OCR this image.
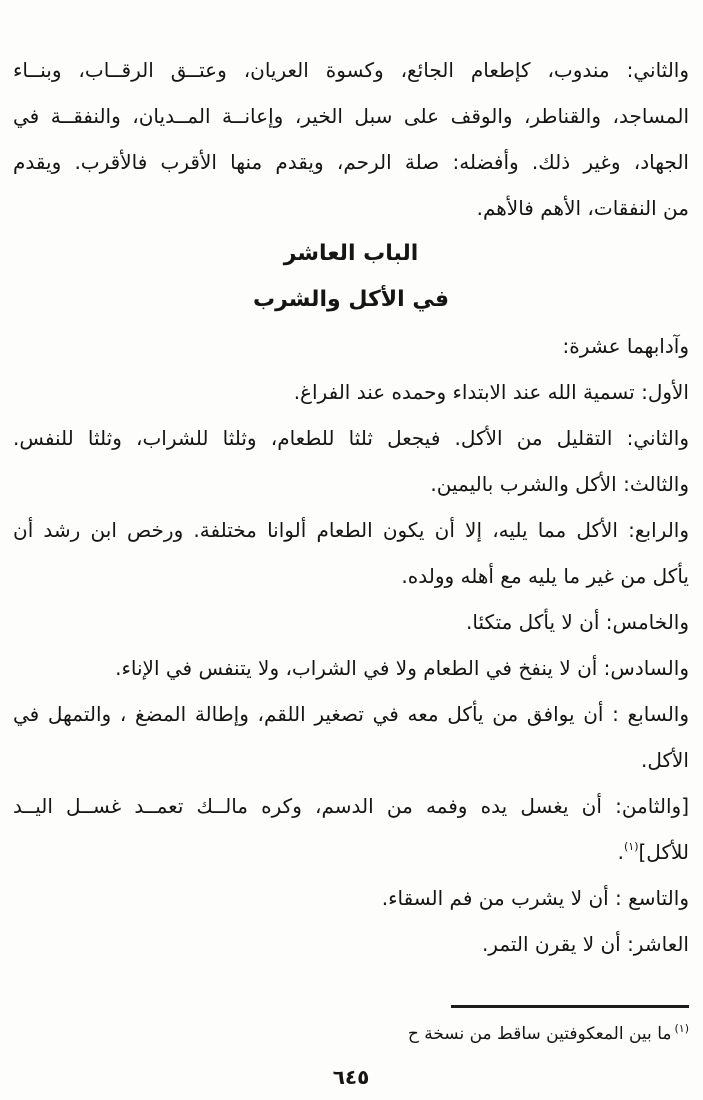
والثاني: مندوب، كإطعام الجائع، وكسوة العريان، وعتــق الرقــاب، وبنــاء
المساجد، والقناطر، والوقف على سبل الخير، وإعانــة المــديان، والنفقــة في
الجهاد، وغير ذلك. وأفضله: صلة الرحم، ويقدم منها الأقرب فالأقرب. ويقدم
من النفقات، الأهم فالأهم.
الباب العاشر
في الأكل والشرب
وآدابهما عشرة:
الأول: تسمية الله عند الابتداء وحمده عند الفراغ.
والثاني: التقليل من الأكل. فيجعل ثلثا للطعام، وثلثا للشراب، وثلثا للنفس.
والثالث: الأكل والشرب باليمين.
والرابع: الأكل مما يليه، إلا أن يكون الطعام ألوانا مختلفة. ورخص ابن رشد أن
يأكل من غير ما يليه مع أهله وولده.
والخامس: أن لا يأكل متكئا.
والسادس: أن لا ينفخ في الطعام ولا في الشراب، ولا يتنفس في الإناء.
والسابع : أن يوافق من يأكل معه في تصغير اللقم، وإطالة المضغ ، والتمهل في
الأكل.
[والثامن: أن يغسل يده وفمه من الدسم، وكره مالــك تعمــد غســل اليــد
للأكل]$^{(١)}$.
والتاسع : أن لا يشرب من فم السقاء.
العاشر: أن لا يقرن التمر.
$^{(١)}$ما بين المعكوفتين ساقط من نسخة ح
٦٤٥
